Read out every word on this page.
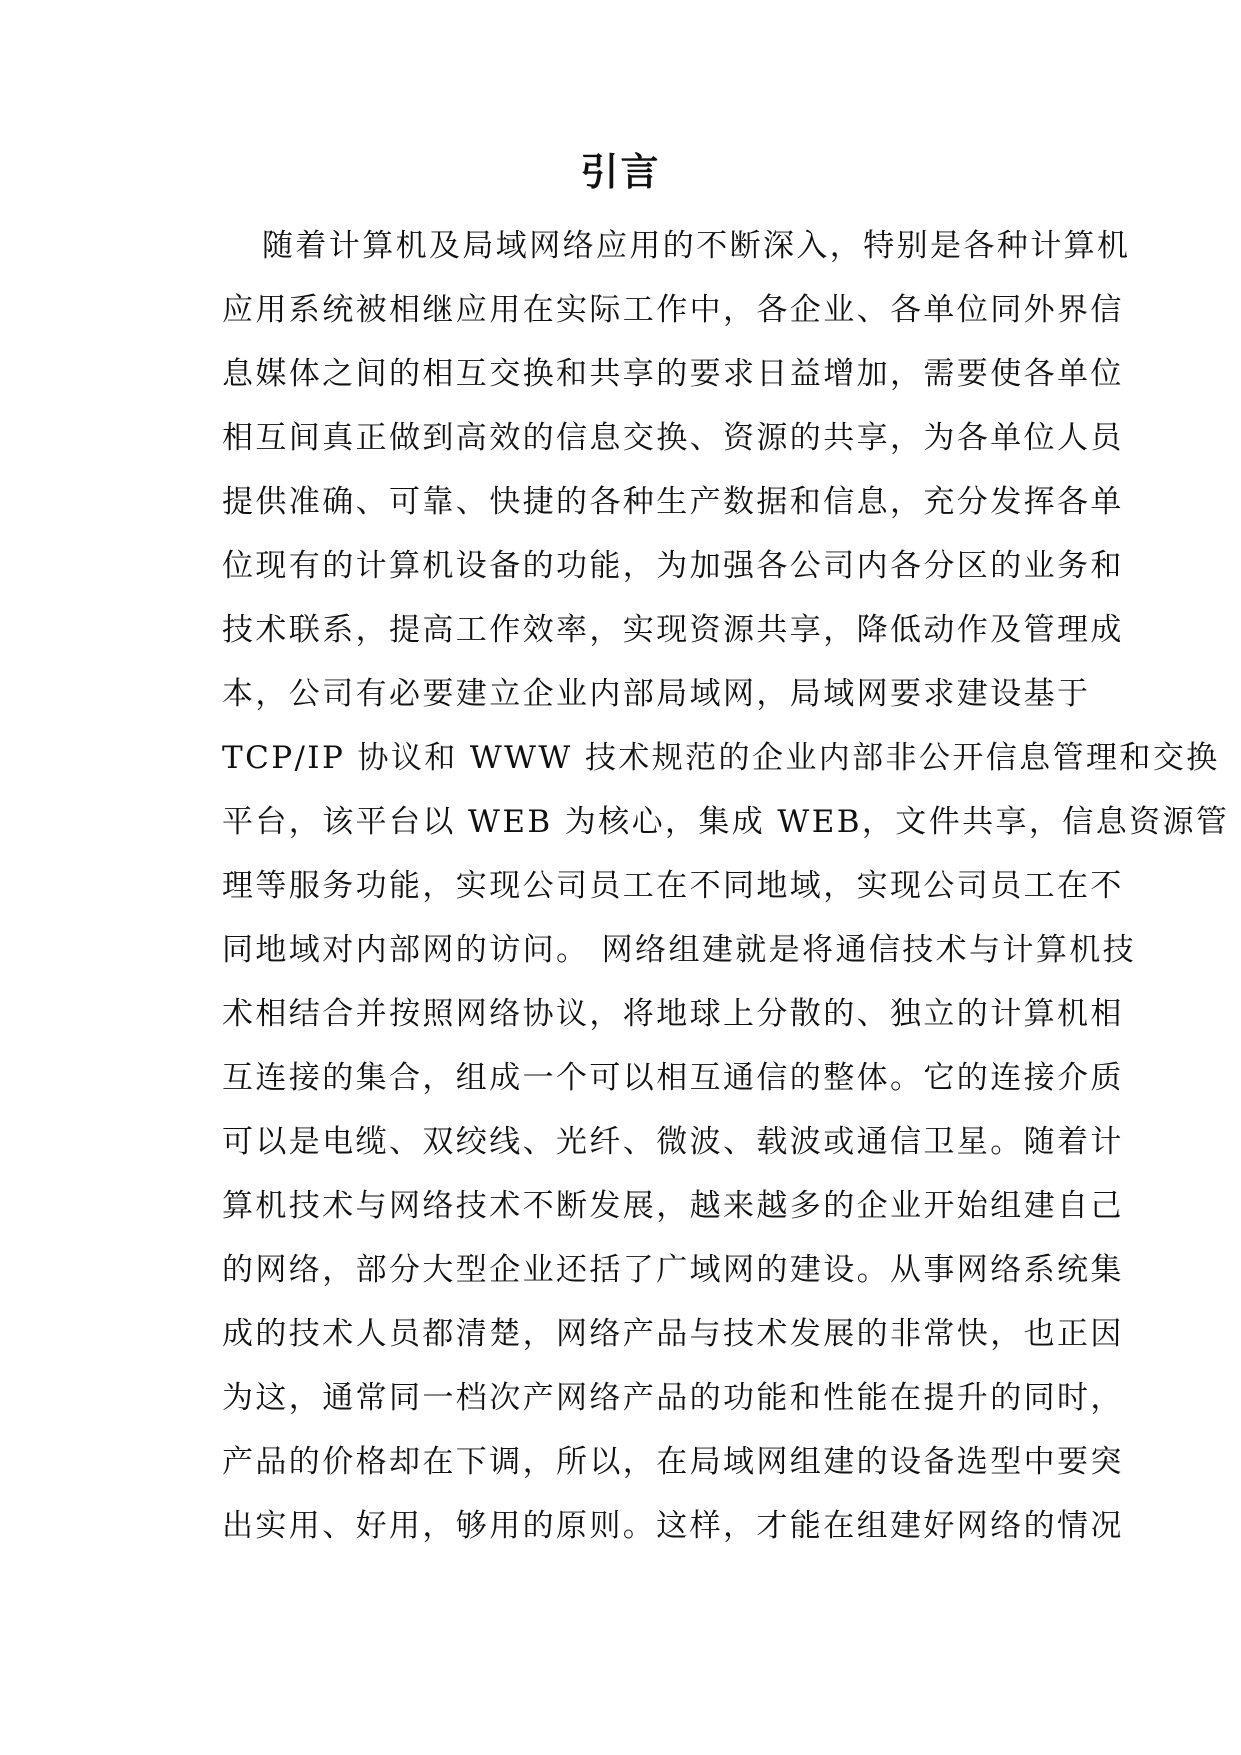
引言
随着计算机及局域网络应用的不断深入，特别是各种计算机
应用系统被相继应用在实际工作中，各企业、各单位同外界信
息媒体之间的相互交换和共享的要求日益增加，需要使各单位
相互间真正做到高效的信息交换、资源的共享，为各单位人员
提供准确、可靠、快捷的各种生产数据和信息，充分发挥各单
位现有的计算机设备的功能，为加强各公司内各分区的业务和
技术联系，提高工作效率，实现资源共享，降低动作及管理成
本，公司有必要建立企业内部局域网，局域网要求建设基于
TCP/IP 协议和 WWW 技术规范的企业内部非公开信息管理和交换
平台，该平台以 WEB 为核心，集成 WEB，文件共享，信息资源管
理等服务功能，实现公司员工在不同地域，实现公司员工在不
同地域对内部网的访问。 网络组建就是将通信技术与计算机技
术相结合并按照网络协议，将地球上分散的、独立的计算机相
互连接的集合，组成一个可以相互通信的整体。它的连接介质
可以是电缆、双绞线、光纤、微波、载波或通信卫星。随着计
算机技术与网络技术不断发展，越来越多的企业开始组建自己
的网络，部分大型企业还括了广域网的建设。从事网络系统集
成的技术人员都清楚，网络产品与技术发展的非常快，也正因
为这，通常同一档次产网络产品的功能和性能在提升的同时，
产品的价格却在下调，所以，在局域网组建的设备选型中要突
出实用、好用，够用的原则。这样，才能在组建好网络的情况
